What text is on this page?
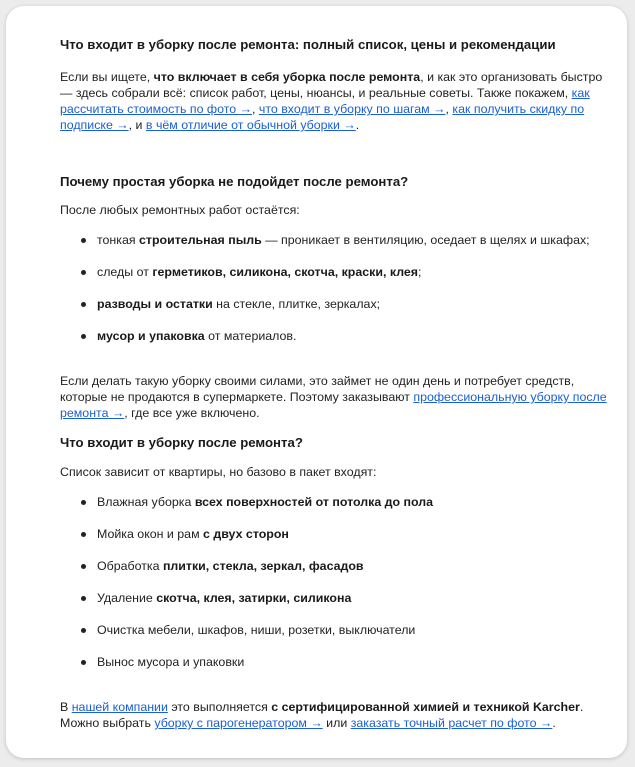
Что входит в уборку после ремонта: полный список, цены и рекомендации

Если вы ищете, что включает в себя уборка после ремонта, и как это организовать быстро — здесь собрали всё: список работ, цены, нюансы, и реальные советы. Также покажем, как рассчитать стоимость по фото →, что входит в уборку по шагам →, как получить скидку по подписке →, и в чём отличие от обычной уборки →.

Почему простая уборка не подойдет после ремонта?

После любых ремонтных работ остаётся:

тонкая строительная пыль — проникает в вентиляцию, оседает в щелях и шкафах;
следы от герметиков, силикона, скотча, краски, клея;
разводы и остатки на стекле, плитке, зеркалах;
мусор и упаковка от материалов.

Если делать такую уборку своими силами, это займет не один день и потребует средств, которые не продаются в супермаркете. Поэтому заказывают профессиональную уборку после ремонта →, где все уже включено.

Что входит в уборку после ремонта?

Список зависит от квартиры, но базово в пакет входят:

Влажная уборка всех поверхностей от потолка до пола
Мойка окон и рам с двух сторон
Обработка плитки, стекла, зеркал, фасадов
Удаление скотча, клея, затирки, силикона
Очистка мебели, шкафов, ниши, розетки, выключатели
Вынос мусора и упаковки

В нашей компании это выполняется с сертифицированной химией и техникой Karcher. Можно выбрать уборку с парогенератором → или заказать точный расчет по фото →.
